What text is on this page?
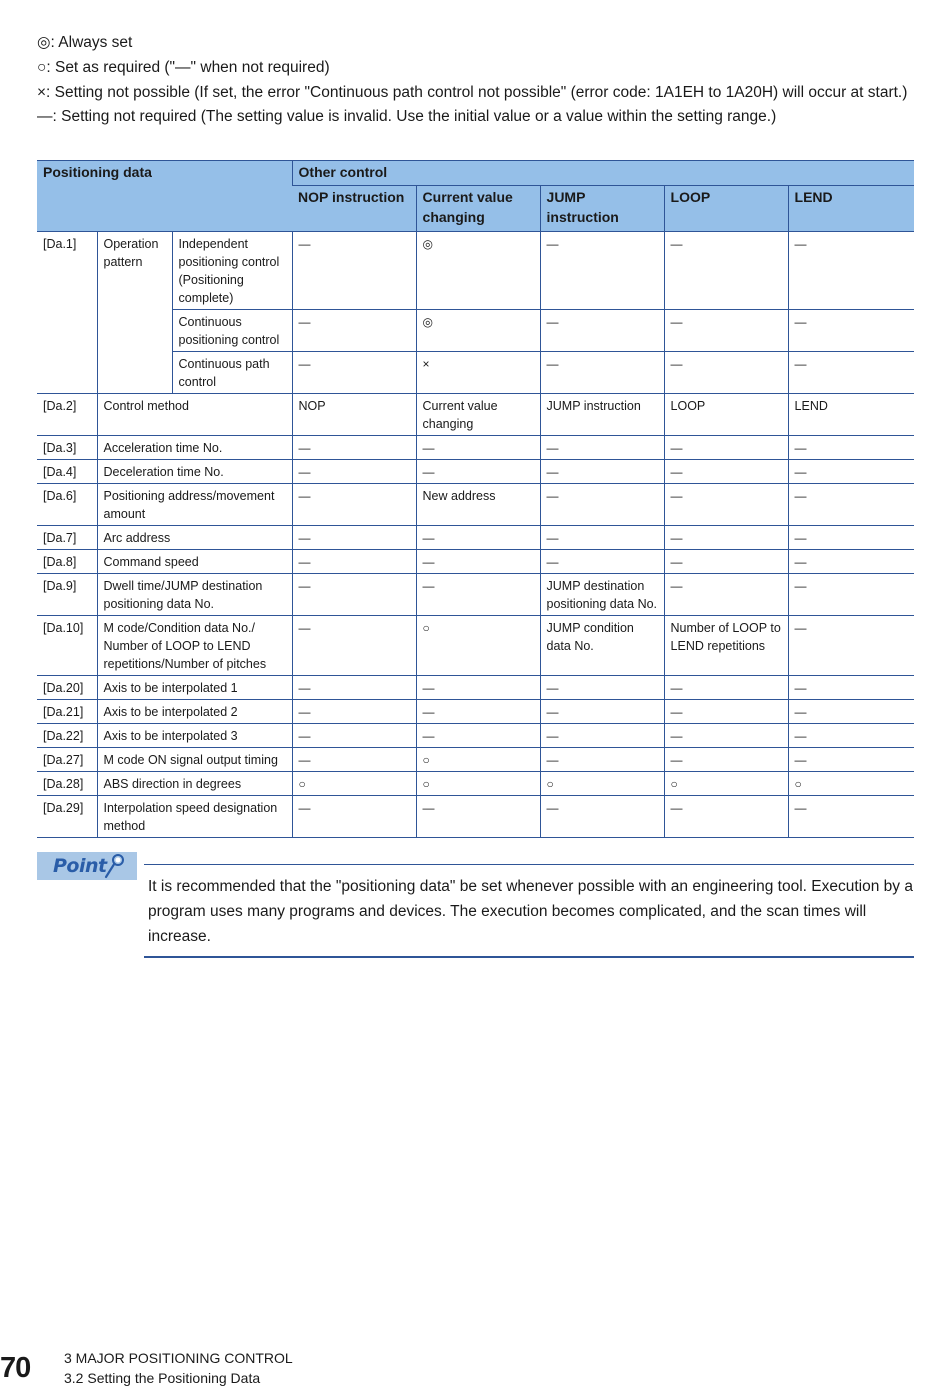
◎: Always set

○: Set as required ("—" when not required)

×: Setting not possible (If set, the error "Continuous path control not possible" (error code: 1A1EH to 1A20H) will occur at start.)

—: Setting not required (The setting value is invalid. Use the initial value or a value within the setting range.)

Positioning data			Other control				
			NOP instruction	Current value changing	JUMP instruction	LOOP	LEND
[Da.1]	Operation pattern	Independent positioning control (Positioning complete)	—	◎	—	—	—
		Continuous positioning control	—	◎	—	—	—
		Continuous path control	—	×	—	—	—
[Da.2]	Control method		NOP	Current value changing	JUMP instruction	LOOP	LEND
[Da.3]	Acceleration time No.		—	—	—	—	—
[Da.4]	Deceleration time No.		—	—	—	—	—
[Da.6]	Positioning address/movement amount		—	New address	—	—	—
[Da.7]	Arc address		—	—	—	—	—
[Da.8]	Command speed		—	—	—	—	—
[Da.9]	Dwell time/JUMP destination positioning data No.		—	—	JUMP destination positioning data No.	—	—
[Da.10]	M code/Condition data No./ Number of LOOP to LEND repetitions/Number of pitches		—	○	JUMP condition data No.	Number of LOOP to LEND repetitions	—
[Da.20]	Axis to be interpolated 1		—	—	—	—	—
[Da.21]	Axis to be interpolated 2		—	—	—	—	—
[Da.22]	Axis to be interpolated 3		—	—	—	—	—
[Da.27]	M code ON signal output timing		—	○	—	—	—
[Da.28]	ABS direction in degrees		○	○	○	○	○
[Da.29]	Interpolation speed designation method		—	—	—	—	—
Point

It is recommended that the "positioning data" be set whenever possible with an engineering tool. Execution by a program uses many programs and devices. The execution becomes complicated, and the scan times will increase.

70 3 MAJOR POSITIONING CONTROL
3.2 Setting the Positioning Data
